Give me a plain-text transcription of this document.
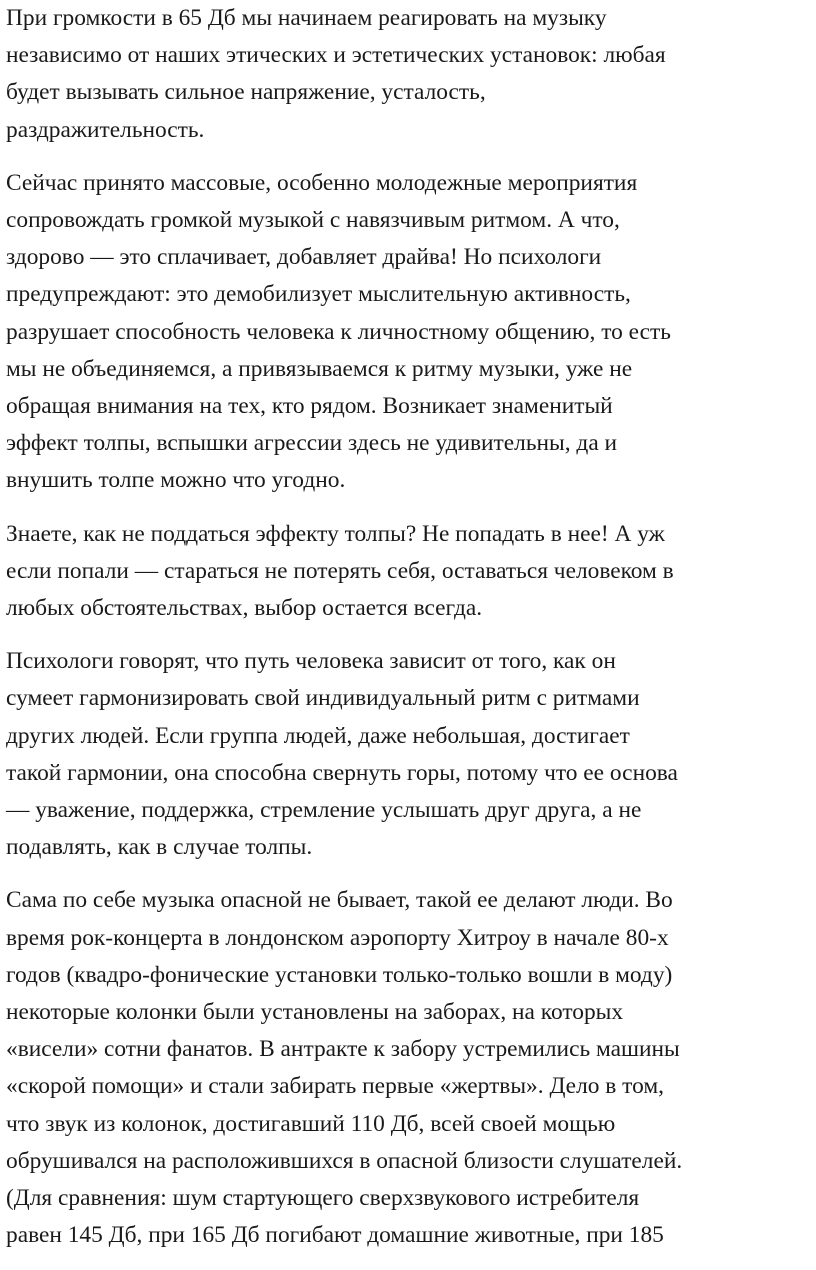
При громкости в 65 Дб мы начинаем реагировать на музыку
независимо от наших этических и эстетических установок: любая
будет вызывать сильное напряжение, усталость,
раздражительность.

Сейчас принято массовые, особенно молодежные мероприятия
сопровождать громкой музыкой с навязчивым ритмом. А что,
здорово — это сплачивает, добавляет драйва! Но психологи
предупреждают: это демобилизует мыслительную активность,
разрушает способность человека к личностному общению, то есть
мы не объединяемся, а привязываемся к ритму музыки, уже не
обращая внимания на тех, кто рядом. Возникает знаменитый
эффект толпы, вспышки агрессии здесь не удивительны, да и
внушить толпе можно что угодно.

Знаете, как не поддаться эффекту толпы? Не попадать в нее! А уж
если попали — стараться не потерять себя, оставаться человеком в
любых обстоятельствах, выбор остается всегда.

Психологи говорят, что путь человека зависит от того, как он
сумеет гармонизировать свой индивидуальный ритм с ритмами
других людей. Если группа людей, даже небольшая, достигает
такой гармонии, она способна свернуть горы, потому что ее основа
— уважение, поддержка, стремление услышать друг друга, а не
подавлять, как в случае толпы.

Сама по себе музыка опасной не бывает, такой ее делают люди. Во
время рок-концерта в лондонском аэропорту Хитроу в начале 80-х
годов (квадро-фонические установки только-только вошли в моду)
некоторые колонки были установлены на заборах, на которых
«висели» сотни фанатов. В антракте к забору устремились машины
«скорой помощи» и стали забирать первые «жертвы». Дело в том,
что звук из колонок, достигавший 110 Дб, всей своей мощью
обрушивался на расположившихся в опасной близости слушателей.
(Для сравнения: шум стартующего сверхзвукового истребителя
равен 145 Дб, при 165 Дб погибают домашние животные, при 185
